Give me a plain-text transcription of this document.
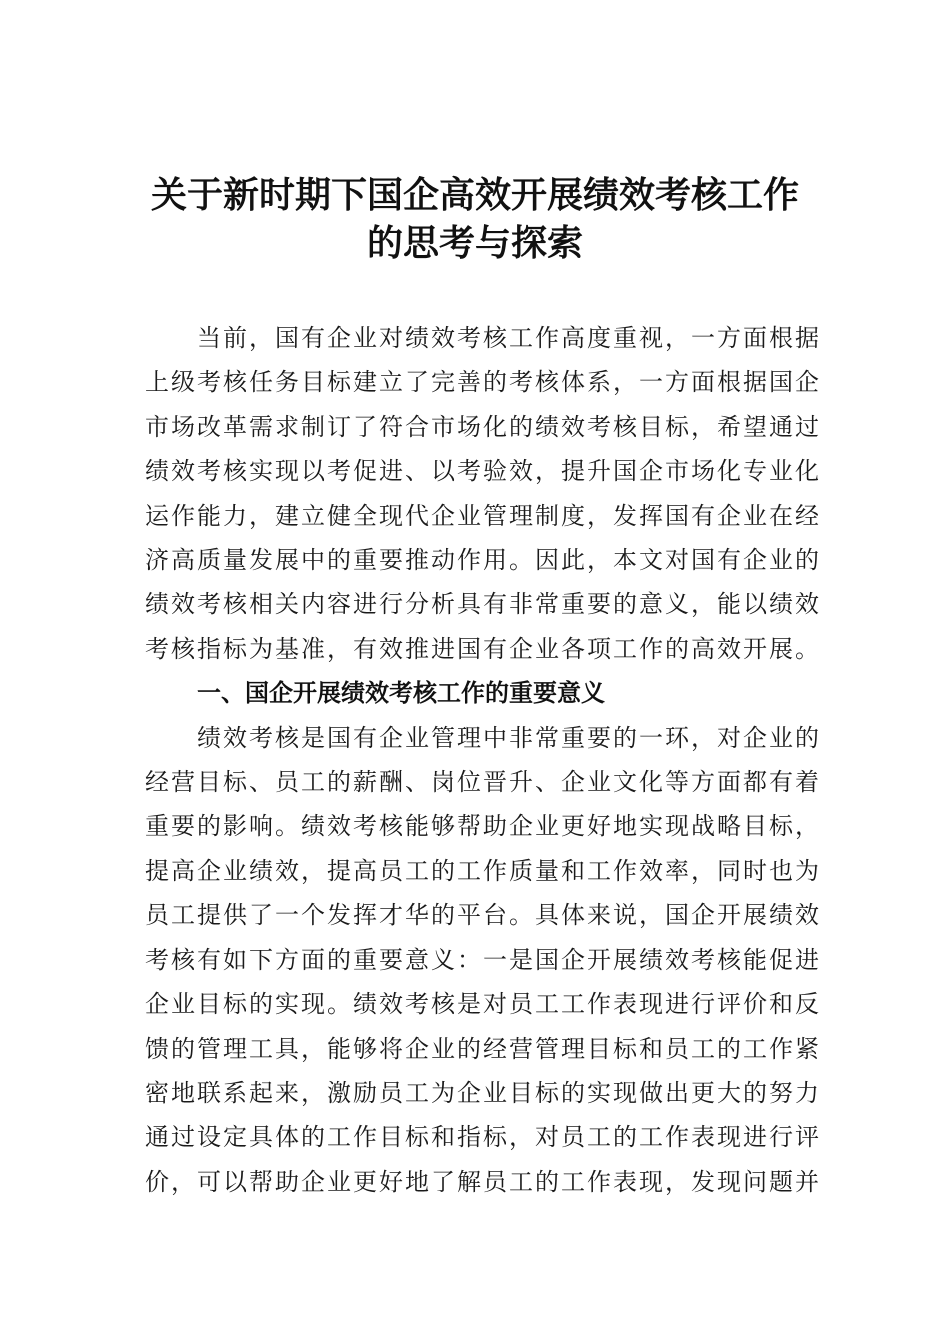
关于新时期下国企高效开展绩效考核工作
的思考与探索

当前，国有企业对绩效考核工作高度重视，一方面根据
上级考核任务目标建立了完善的考核体系，一方面根据国企
市场改革需求制订了符合市场化的绩效考核目标，希望通过
绩效考核实现以考促进、以考验效，提升国企市场化专业化
运作能力，建立健全现代企业管理制度，发挥国有企业在经
济高质量发展中的重要推动作用。因此，本文对国有企业的
绩效考核相关内容进行分析具有非常重要的意义，能以绩效
考核指标为基准，有效推进国有企业各项工作的高效开展。

一、国企开展绩效考核工作的重要意义

绩效考核是国有企业管理中非常重要的一环，对企业的
经营目标、员工的薪酬、岗位晋升、企业文化等方面都有着
重要的影响。绩效考核能够帮助企业更好地实现战略目标，
提高企业绩效，提高员工的工作质量和工作效率，同时也为
员工提供了一个发挥才华的平台。具体来说，国企开展绩效
考核有如下方面的重要意义：一是国企开展绩效考核能促进
企业目标的实现。绩效考核是对员工工作表现进行评价和反
馈的管理工具，能够将企业的经营管理目标和员工的工作紧
密地联系起来，激励员工为企业目标的实现做出更大的努力
通过设定具体的工作目标和指标，对员工的工作表现进行评
价，可以帮助企业更好地了解员工的工作表现，发现问题并
